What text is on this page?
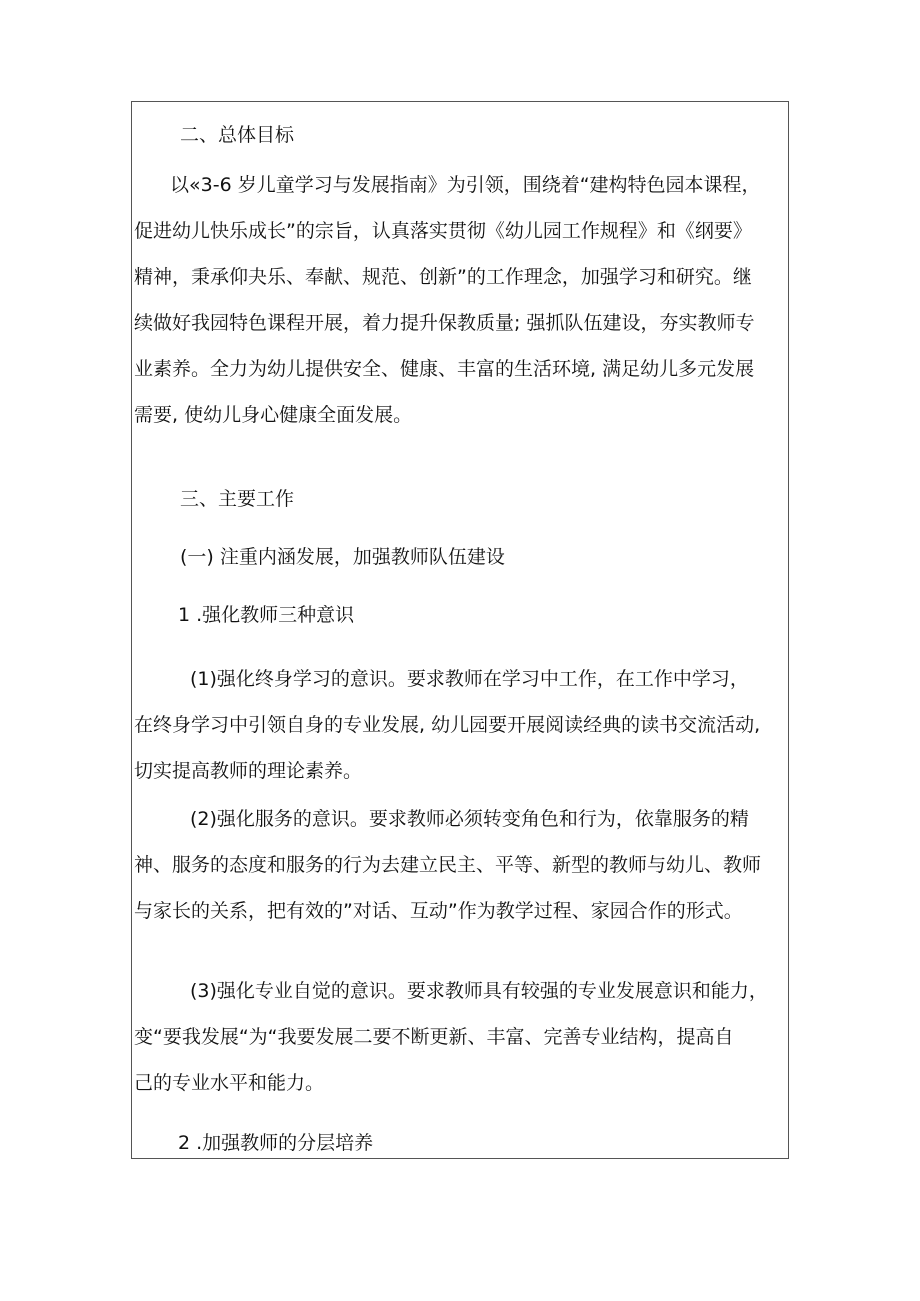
二、总体目标
以«3-6 岁儿童学习与发展指南》为引领，围绕着“建构特色园本课程，
促进幼儿快乐成长”的宗旨，认真落实贯彻《幼儿园工作规程》和《纲要》
精神，秉承仰夬乐、奉献、规范、创新”的工作理念，加强学习和研究。继
续做好我园特色课程开展，着力提升保教质量; 强抓队伍建设，夯实教师专
业素养。全力为幼儿提供安全、健康、丰富的生活环境, 满足幼儿多元发展
需要, 使幼儿身心健康全面发展。
三、主要工作
(一) 注重内涵发展，加强教师队伍建设
1 .强化教师三种意识
(1)强化终身学习的意识。要求教师在学习中工作，在工作中学习，
在终身学习中引领自身的专业发展, 幼儿园要开展阅读经典的读书交流活动,
切实提高教师的理论素养。
(2)强化服务的意识。要求教师必须转变角色和行为，依靠服务的精
神、服务的态度和服务的行为去建立民主、平等、新型的教师与幼儿、教师
与家长的关系，把有效的”对话、互动”作为教学过程、家园合作的形式。
(3)强化专业自觉的意识。要求教师具有较强的专业发展意识和能力，
变“要我发展“为“我要发展二要不断更新、丰富、完善专业结构，提高自
己的专业水平和能力。
2 .加强教师的分层培养
